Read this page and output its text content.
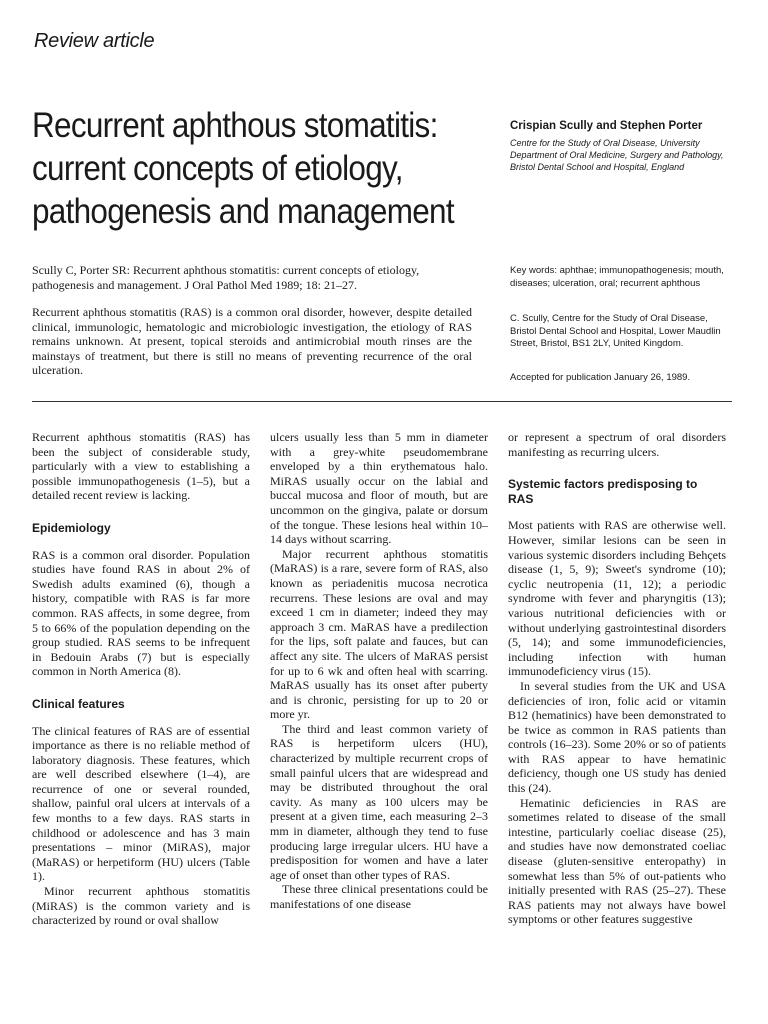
Review article
Recurrent aphthous stomatitis:
current concepts of etiology,
pathogenesis and management
Crispian Scully and Stephen Porter
Centre for the Study of Oral Disease, University Department of Oral Medicine, Surgery and Pathology, Bristol Dental School and Hospital, England
Scully C, Porter SR: Recurrent aphthous stomatitis: current concepts of etiology, pathogenesis and management. J Oral Pathol Med 1989; 18: 21–27.
Recurrent aphthous stomatitis (RAS) is a common oral disorder, however, despite detailed clinical, immunologic, hematologic and microbiologic investigation, the etiology of RAS remains unknown. At present, topical steroids and antimicrobial mouth rinses are the mainstays of treatment, but there is still no means of preventing recurrence of the oral ulceration.
Key words: aphthae; immunopathogenesis; mouth, diseases; ulceration, oral; recurrent aphthous
C. Scully, Centre for the Study of Oral Disease, Bristol Dental School and Hospital, Lower Maudlin Street, Bristol, BS1 2LY, United Kingdom.
Accepted for publication January 26, 1989.

Recurrent aphthous stomatitis (RAS) has been the subject of considerable study, particularly with a view to establishing a possible immunopathogenesis (1–5), but a detailed recent review is lacking.

Epidemiology

RAS is a common oral disorder. Population studies have found RAS in about 2% of Swedish adults examined (6), though a history, compatible with RAS is far more common. RAS affects, in some degree, from 5 to 66% of the population depending on the group studied. RAS seems to be infrequent in Bedouin Arabs (7) but is especially common in North America (8).

Clinical features

The clinical features of RAS are of essential importance as there is no reliable method of laboratory diagnosis. These features, which are well described elsewhere (1–4), are recurrence of one or several rounded, shallow, painful oral ulcers at intervals of a few months to a few days. RAS starts in childhood or adolescence and has 3 main presentations – minor (MiRAS), major (MaRAS) or herpetiform (HU) ulcers (Table 1).

Minor recurrent aphthous stomatitis (MiRAS) is the common variety and is characterized by round or oval shallow

ulcers usually less than 5 mm in diameter with a grey-white pseudomembrane enveloped by a thin erythematous halo. MiRAS usually occur on the labial and buccal mucosa and floor of mouth, but are uncommon on the gingiva, palate or dorsum of the tongue. These lesions heal within 10–14 days without scarring.

Major recurrent aphthous stomatitis (MaRAS) is a rare, severe form of RAS, also known as periadenitis mucosa necrotica recurrens. These lesions are oval and may exceed 1 cm in diameter; indeed they may approach 3 cm. MaRAS have a predilection for the lips, soft palate and fauces, but can affect any site. The ulcers of MaRAS persist for up to 6 wk and often heal with scarring. MaRAS usually has its onset after puberty and is chronic, persisting for up to 20 or more yr.

The third and least common variety of RAS is herpetiform ulcers (HU), characterized by multiple recurrent crops of small painful ulcers that are widespread and may be distributed throughout the oral cavity. As many as 100 ulcers may be present at a given time, each measuring 2–3 mm in diameter, although they tend to fuse producing large irregular ulcers. HU have a predisposition for women and have a later age of onset than other types of RAS.

These three clinical presentations could be manifestations of one disease

or represent a spectrum of oral disorders manifesting as recurring ulcers.

Systemic factors predisposing to RAS

Most patients with RAS are otherwise well. However, similar lesions can be seen in various systemic disorders including Behçets disease (1, 5, 9); Sweet's syndrome (10); cyclic neutropenia (11, 12); a periodic syndrome with fever and pharyngitis (13); various nutritional deficiencies with or without underlying gastrointestinal disorders (5, 14); and some immunodeficiencies, including infection with human immunodeficiency virus (15).

In several studies from the UK and USA deficiencies of iron, folic acid or vitamin B12 (hematinics) have been demonstrated to be twice as common in RAS patients than controls (16–23). Some 20% or so of patients with RAS appear to have hematinic deficiency, though one US study has denied this (24).

Hematinic deficiencies in RAS are sometimes related to disease of the small intestine, particularly coeliac disease (25), and studies have now demonstrated coeliac disease (gluten-sensitive enteropathy) in somewhat less than 5% of out-patients who initially presented with RAS (25–27). These RAS patients may not always have bowel symptoms or other features suggestive
